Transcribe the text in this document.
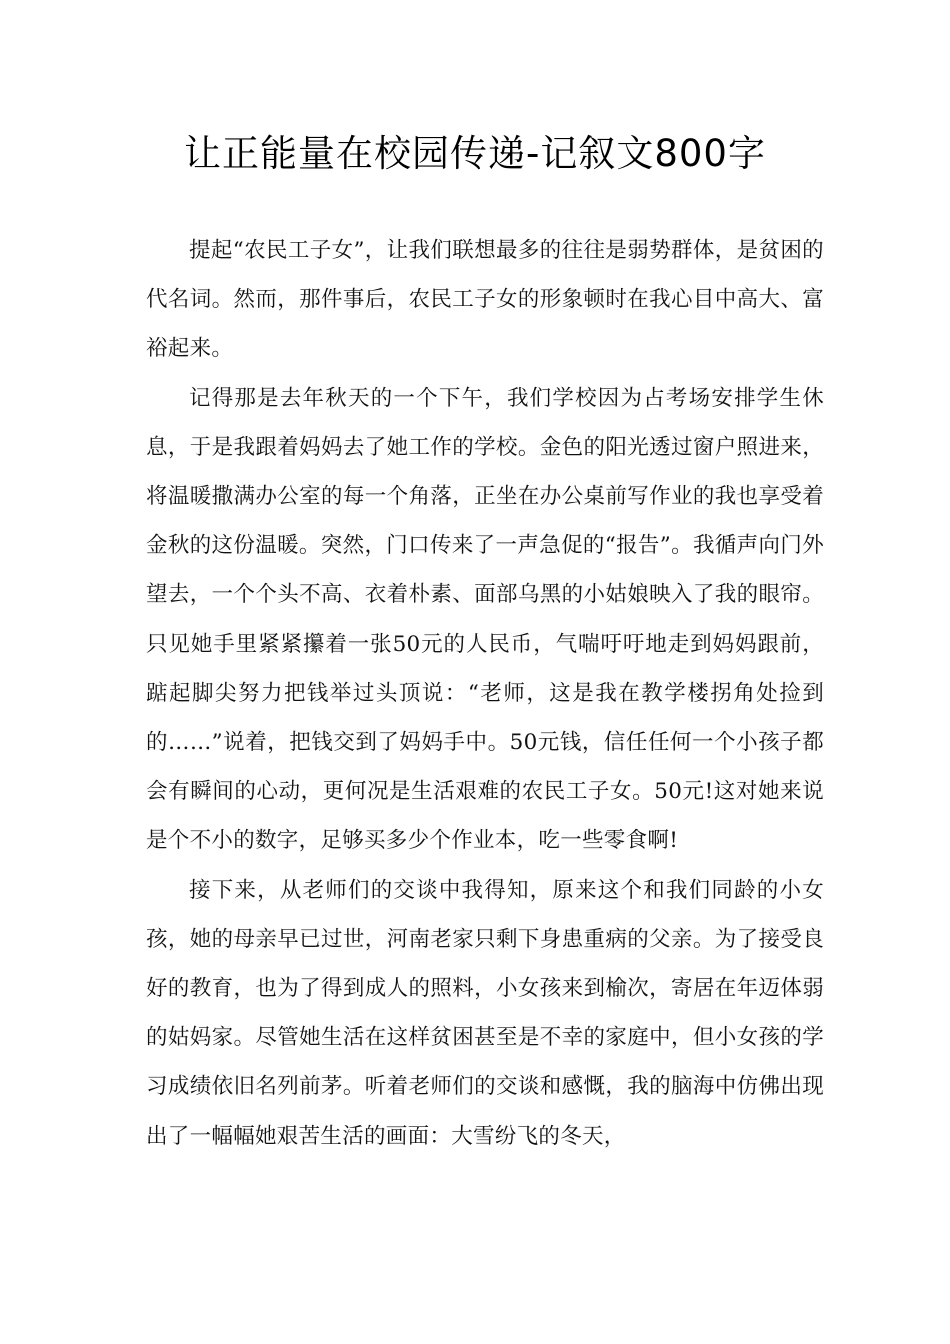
让正能量在校园传递-记叙文800字

提起“农民工子女”，让我们联想最多的往往是弱势群体，是贫困的代名词。然而，那件事后，农民工子女的形象顿时在我心目中高大、富裕起来。

记得那是去年秋天的一个下午，我们学校因为占考场安排学生休息，于是我跟着妈妈去了她工作的学校。金色的阳光透过窗户照进来，将温暖撒满办公室的每一个角落，正坐在办公桌前写作业的我也享受着金秋的这份温暖。突然，门口传来了一声急促的“报告”。我循声向门外望去，一个个头不高、衣着朴素、面部乌黑的小姑娘映入了我的眼帘。只见她手里紧紧攥着一张50元的人民币，气喘吁吁地走到妈妈跟前，踮起脚尖努力把钱举过头顶说：“老师，这是我在教学楼拐角处捡到的……”说着，把钱交到了妈妈手中。50元钱，信任任何一个小孩子都会有瞬间的心动，更何况是生活艰难的农民工子女。50元!这对她来说是个不小的数字，足够买多少个作业本，吃一些零食啊!

接下来，从老师们的交谈中我得知，原来这个和我们同龄的小女孩，她的母亲早已过世，河南老家只剩下身患重病的父亲。为了接受良好的教育，也为了得到成人的照料，小女孩来到榆次，寄居在年迈体弱的姑妈家。尽管她生活在这样贫困甚至是不幸的家庭中，但小女孩的学习成绩依旧名列前茅。听着老师们的交谈和感慨，我的脑海中仿佛出现出了一幅幅她艰苦生活的画面：大雪纷飞的冬天，
